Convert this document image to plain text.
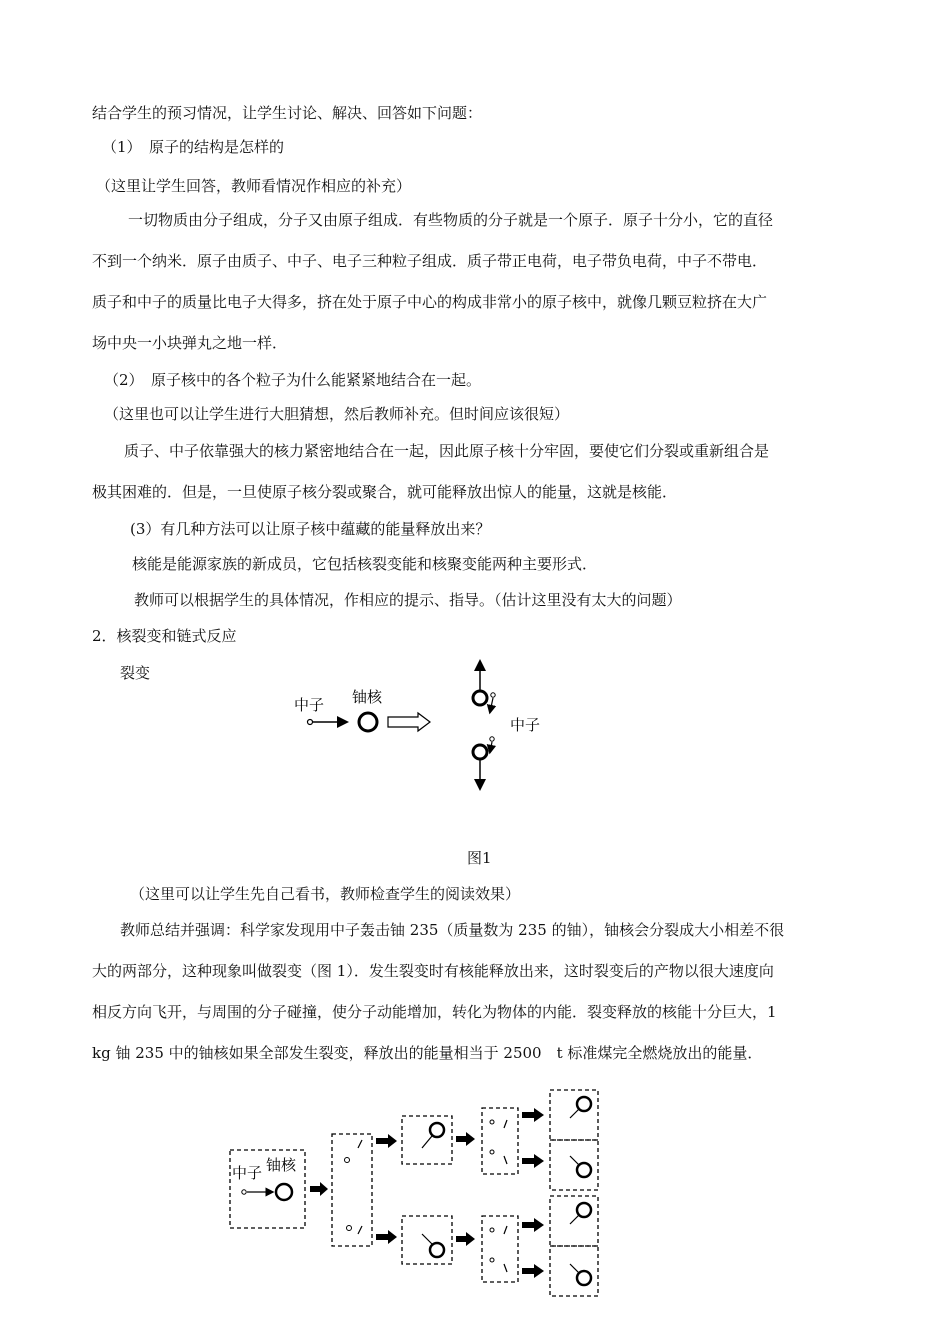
结合学生的预习情况，让学生讨论、解决、回答如下问题：
（1）　原子的结构是怎样的
（这里让学生回答，教师看情况作相应的补充）
一切物质由分子组成，分子又由原子组成．有些物质的分子就是一个原子．原子十分小，它的直径
不到一个纳米．原子由质子、中子、电子三种粒子组成．质子带正电荷，电子带负电荷，中子不带电．
质子和中子的质量比电子大得多，挤在处于原子中心的构成非常小的原子核中，就像几颗豆粒挤在大广
场中央一小块弹丸之地一样．
（2）　原子核中的各个粒子为什么能紧紧地结合在一起。
（这里也可以让学生进行大胆猜想，然后教师补充。但时间应该很短）
质子、中子依靠强大的核力紧密地结合在一起，因此原子核十分牢固，要使它们分裂或重新组合是
极其困难的．但是，一旦使原子核分裂或聚合，就可能释放出惊人的能量，这就是核能．
(3）有几种方法可以让原子核中蕴藏的能量释放出来？
核能是能源家族的新成员，它包括核裂变能和核聚变能两种主要形式．
教师可以根据学生的具体情况，作相应的提示、指导。（估计这里没有太大的问题）
2．核裂变和链式反应
裂变
中子 铀核
中子
图1
（这里可以让学生先自己看书，教师检查学生的阅读效果）
教师总结并强调：科学家发现用中子轰击铀 235（质量数为 235 的铀），铀核会分裂成大小相差不很
大的两部分，这种现象叫做裂变（图 1）．发生裂变时有核能释放出来，这时裂变后的产物以很大速度向
相反方向飞开，与周围的分子碰撞，使分子动能增加，转化为物体的内能．裂变释放的核能十分巨大，1
kg 铀 235 中的铀核如果全部发生裂变，释放出的能量相当于 2500　t 标准煤完全燃烧放出的能量．
中子 铀核
